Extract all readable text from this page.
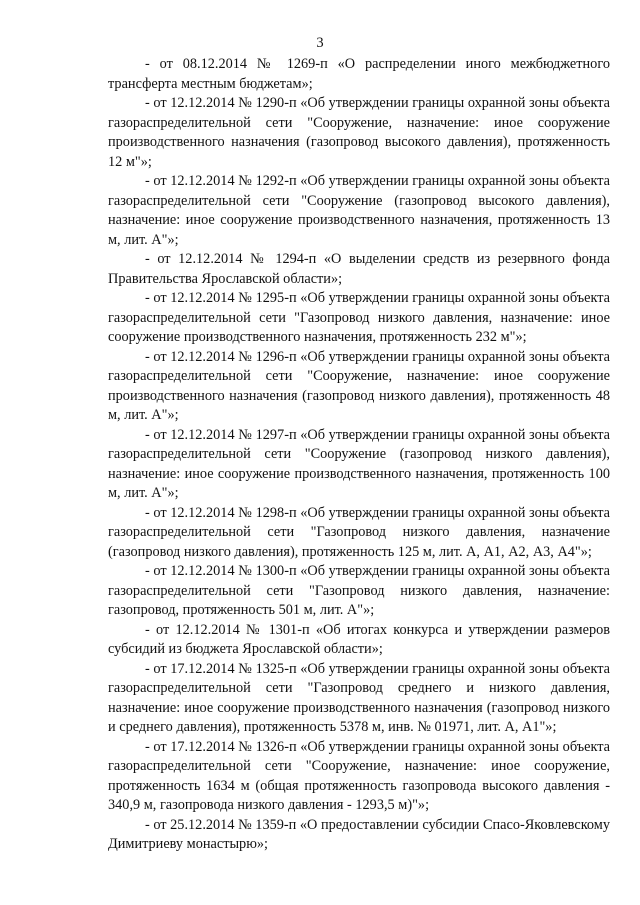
3

- от 08.12.2014 № 1269-п «О распределении иного межбюджетного трансферта местным бюджетам»;

- от 12.12.2014 № 1290-п «Об утверждении границы охранной зоны объекта газораспределительной сети "Сооружение, назначение: иное сооружение производственного назначения (газопровод высокого давления), протяженность 12 м"»;

- от 12.12.2014 № 1292-п «Об утверждении границы охранной зоны объекта газораспределительной сети "Сооружение (газопровод высокого давления), назначение: иное сооружение производственного назначения, протяженность 13 м, лит. А"»;

- от 12.12.2014 № 1294-п «О выделении средств из резервного фонда Правительства Ярославской области»;

- от 12.12.2014 № 1295-п «Об утверждении границы охранной зоны объекта газораспределительной сети "Газопровод низкого давления, назначение: иное сооружение производственного назначения, протяженность 232 м"»;

- от 12.12.2014 № 1296-п «Об утверждении границы охранной зоны объекта газораспределительной сети "Сооружение, назначение: иное сооружение производственного назначения (газопровод низкого давления), протяженность 48 м, лит. А"»;

- от 12.12.2014 № 1297-п «Об утверждении границы охранной зоны объекта газораспределительной сети "Сооружение (газопровод низкого давления), назначение: иное сооружение производственного назначения, протяженность 100 м, лит. А"»;

- от 12.12.2014 № 1298-п «Об утверждении границы охранной зоны объекта газораспределительной сети "Газопровод низкого давления, назначение (газопровод низкого давления), протяженность 125 м, лит. А, А1, А2, А3, А4"»;

- от 12.12.2014 № 1300-п «Об утверждении границы охранной зоны объекта газораспределительной сети "Газопровод низкого давления, назначение: газопровод, протяженность 501 м, лит. А"»;

- от 12.12.2014 № 1301-п «Об итогах конкурса и утверждении размеров субсидий из бюджета Ярославской области»;

- от 17.12.2014 № 1325-п «Об утверждении границы охранной зоны объекта газораспределительной сети "Газопровод среднего и низкого давления, назначение: иное сооружение производственного назначения (газопровод низкого и среднего давления), протяженность 5378 м, инв. № 01971, лит. А, А1"»;

- от 17.12.2014 № 1326-п «Об утверждении границы охранной зоны объекта газораспределительной сети "Сооружение, назначение: иное сооружение, протяженность 1634 м (общая протяженность газопровода высокого давления - 340,9 м, газопровода низкого давления - 1293,5 м)"»;

- от 25.12.2014 № 1359-п «О предоставлении субсидии Спасо-Яковлевскому Димитриеву монастырю»;
